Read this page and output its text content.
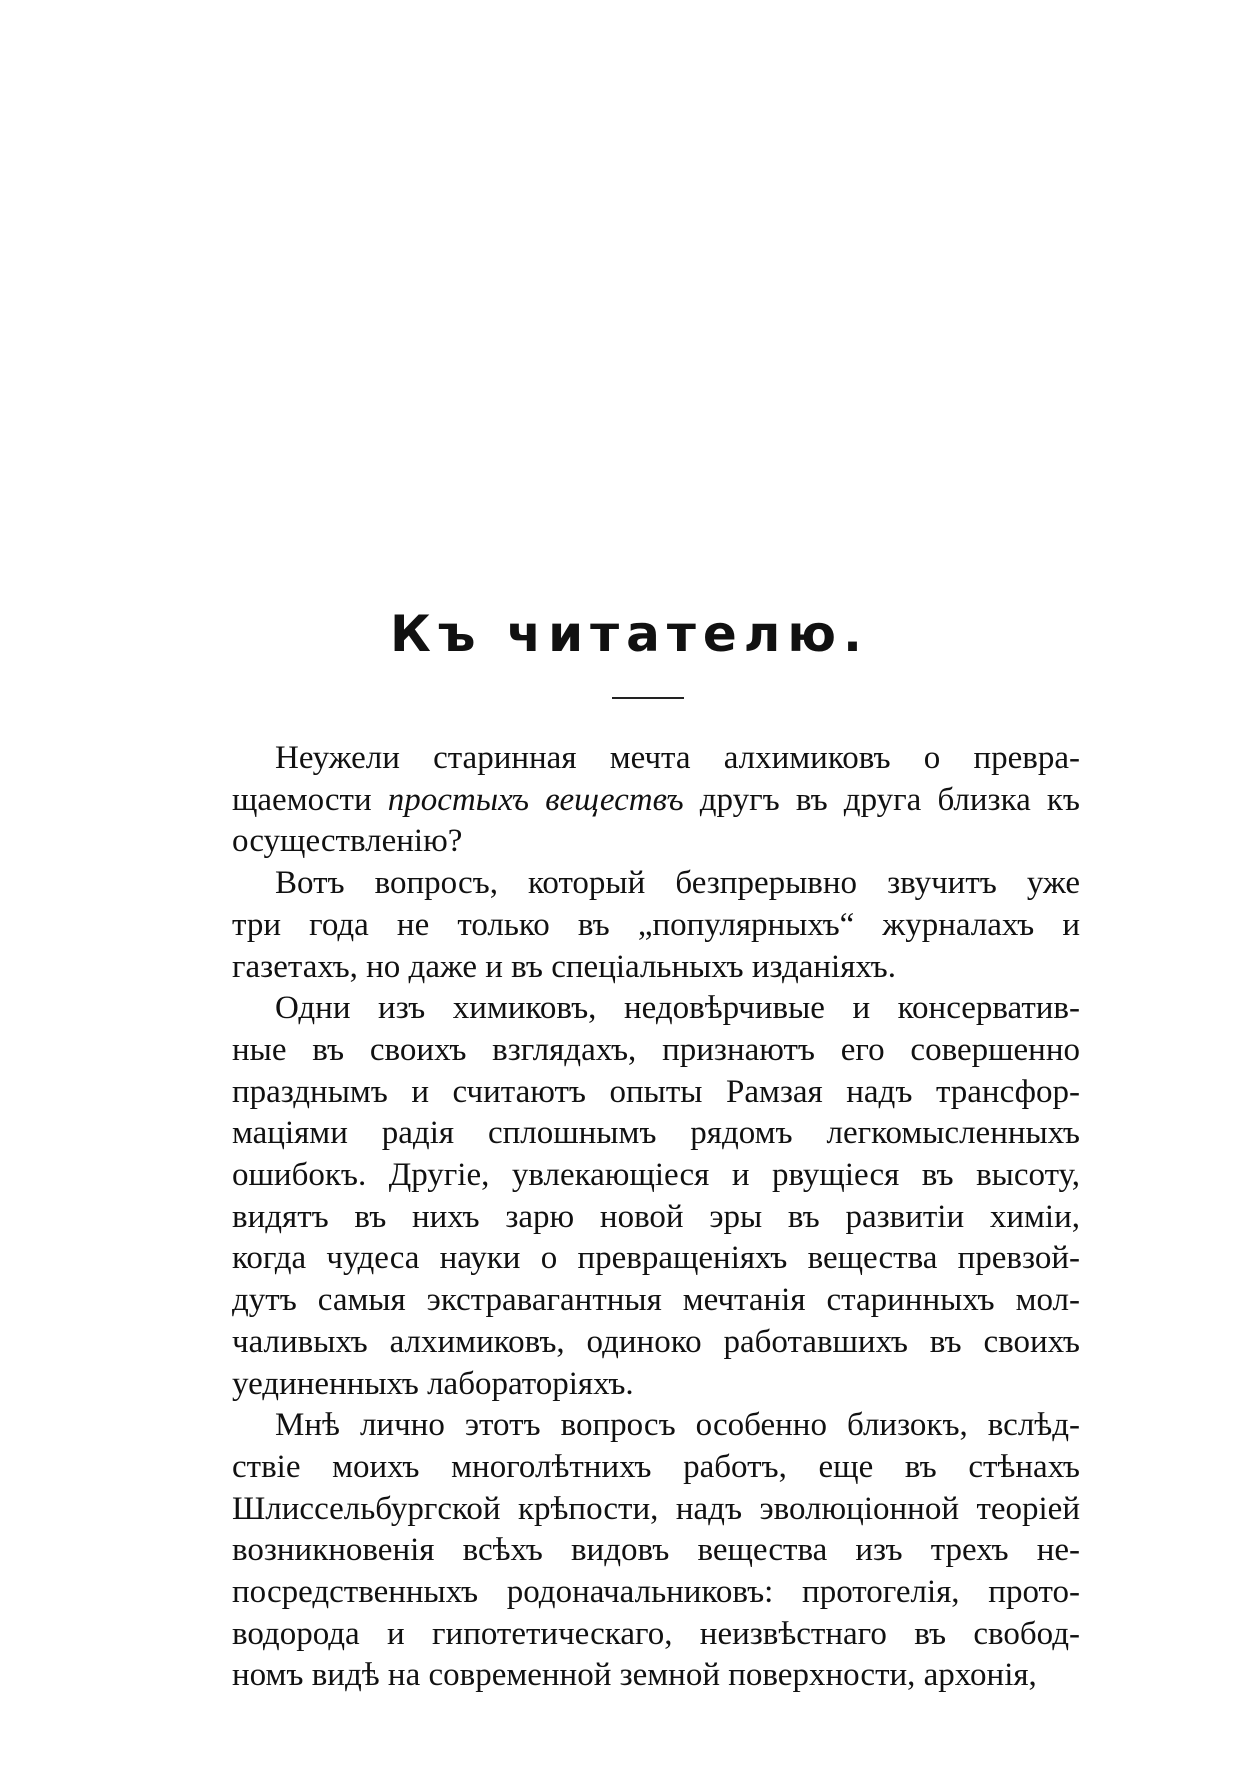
Къ читателю.
Неужели старинная мечта алхимиковъ о превра-
щаемости простыхъ веществъ другъ въ друга близка къ
осуществленію?
Вотъ вопросъ, который безпрерывно звучитъ уже
три года не только въ „популярныхъ“ журналахъ и
газетахъ, но даже и въ спеціальныхъ изданіяхъ.
Одни изъ химиковъ, недовѣрчивые и консерватив-
ные въ своихъ взглядахъ, признаютъ его совершенно
празднымъ и считаютъ опыты Рамзая надъ трансфор-
маціями радія сплошнымъ рядомъ легкомысленныхъ
ошибокъ. Другіе, увлекающіеся и рвущіеся въ высоту,
видятъ въ нихъ зарю новой эры въ развитіи химіи,
когда чудеса науки о превращеніяхъ вещества превзой-
дутъ самыя экстравагантныя мечтанія старинныхъ мол-
чаливыхъ алхимиковъ, одиноко работавшихъ въ своихъ
уединенныхъ лабораторіяхъ.
Мнѣ лично этотъ вопросъ особенно близокъ, вслѣд-
ствіе моихъ многолѣтнихъ работъ, еще въ стѣнахъ
Шлиссельбургской крѣпости, надъ эволюціонной теоріей
возникновенія всѣхъ видовъ вещества изъ трехъ не-
посредственныхъ родоначальниковъ: протогелія, прото-
водорода и гипотетическаго, неизвѣстнаго въ свобод-
номъ видѣ на современной земной поверхности, архонія,
